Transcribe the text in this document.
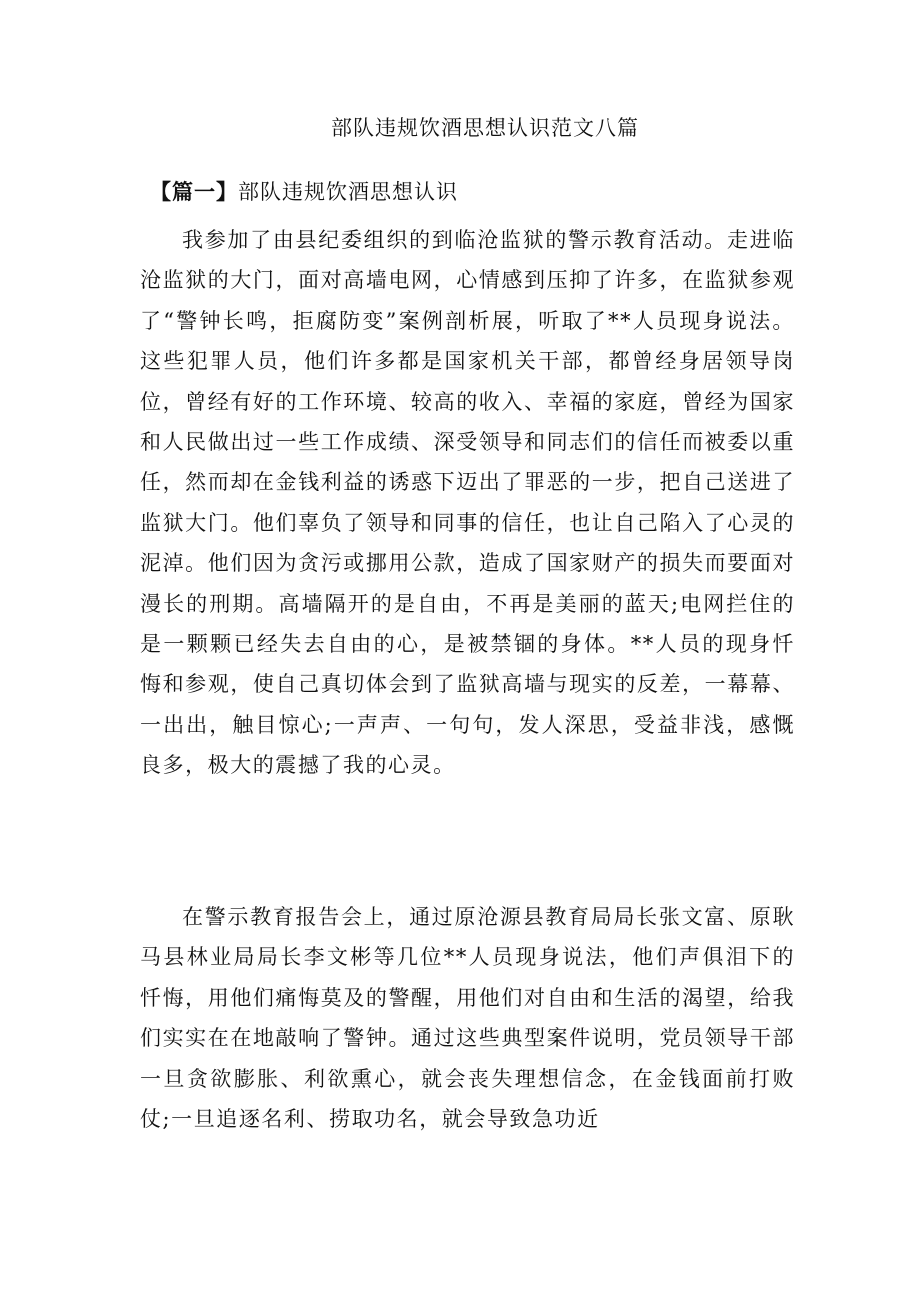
部队违规饮酒思想认识范文八篇
【篇一】部队违规饮酒思想认识

我参加了由县纪委组织的到临沧监狱的警示教育活动。走进临沧监狱的大门，面对高墙电网，心情感到压抑了许多，在监狱参观了“警钟长鸣，拒腐防变”案例剖析展，听取了**人员现身说法。这些犯罪人员，他们许多都是国家机关干部，都曾经身居领导岗位，曾经有好的工作环境、较高的收入、幸福的家庭，曾经为国家和人民做出过一些工作成绩、深受领导和同志们的信任而被委以重任，然而却在金钱利益的诱惑下迈出了罪恶的一步，把自己送进了监狱大门。他们辜负了领导和同事的信任，也让自己陷入了心灵的泥淖。他们因为贪污或挪用公款，造成了国家财产的损失而要面对漫长的刑期。高墙隔开的是自由，不再是美丽的蓝天;电网拦住的是一颗颗已经失去自由的心，是被禁锢的身体。**人员的现身忏悔和参观，使自己真切体会到了监狱高墙与现实的反差，一幕幕、一出出，触目惊心;一声声、一句句，发人深思，受益非浅，感慨良多，极大的震撼了我的心灵。

在警示教育报告会上，通过原沧源县教育局局长张文富、原耿马县林业局局长李文彬等几位**人员现身说法，他们声俱泪下的忏悔，用他们痛悔莫及的警醒，用他们对自由和生活的渴望，给我们实实在在地敲响了警钟。通过这些典型案件说明，党员领导干部一旦贪欲膨胀、利欲熏心，就会丧失理想信念，在金钱面前打败仗;一旦追逐名利、捞取功名，就会导致急功近
